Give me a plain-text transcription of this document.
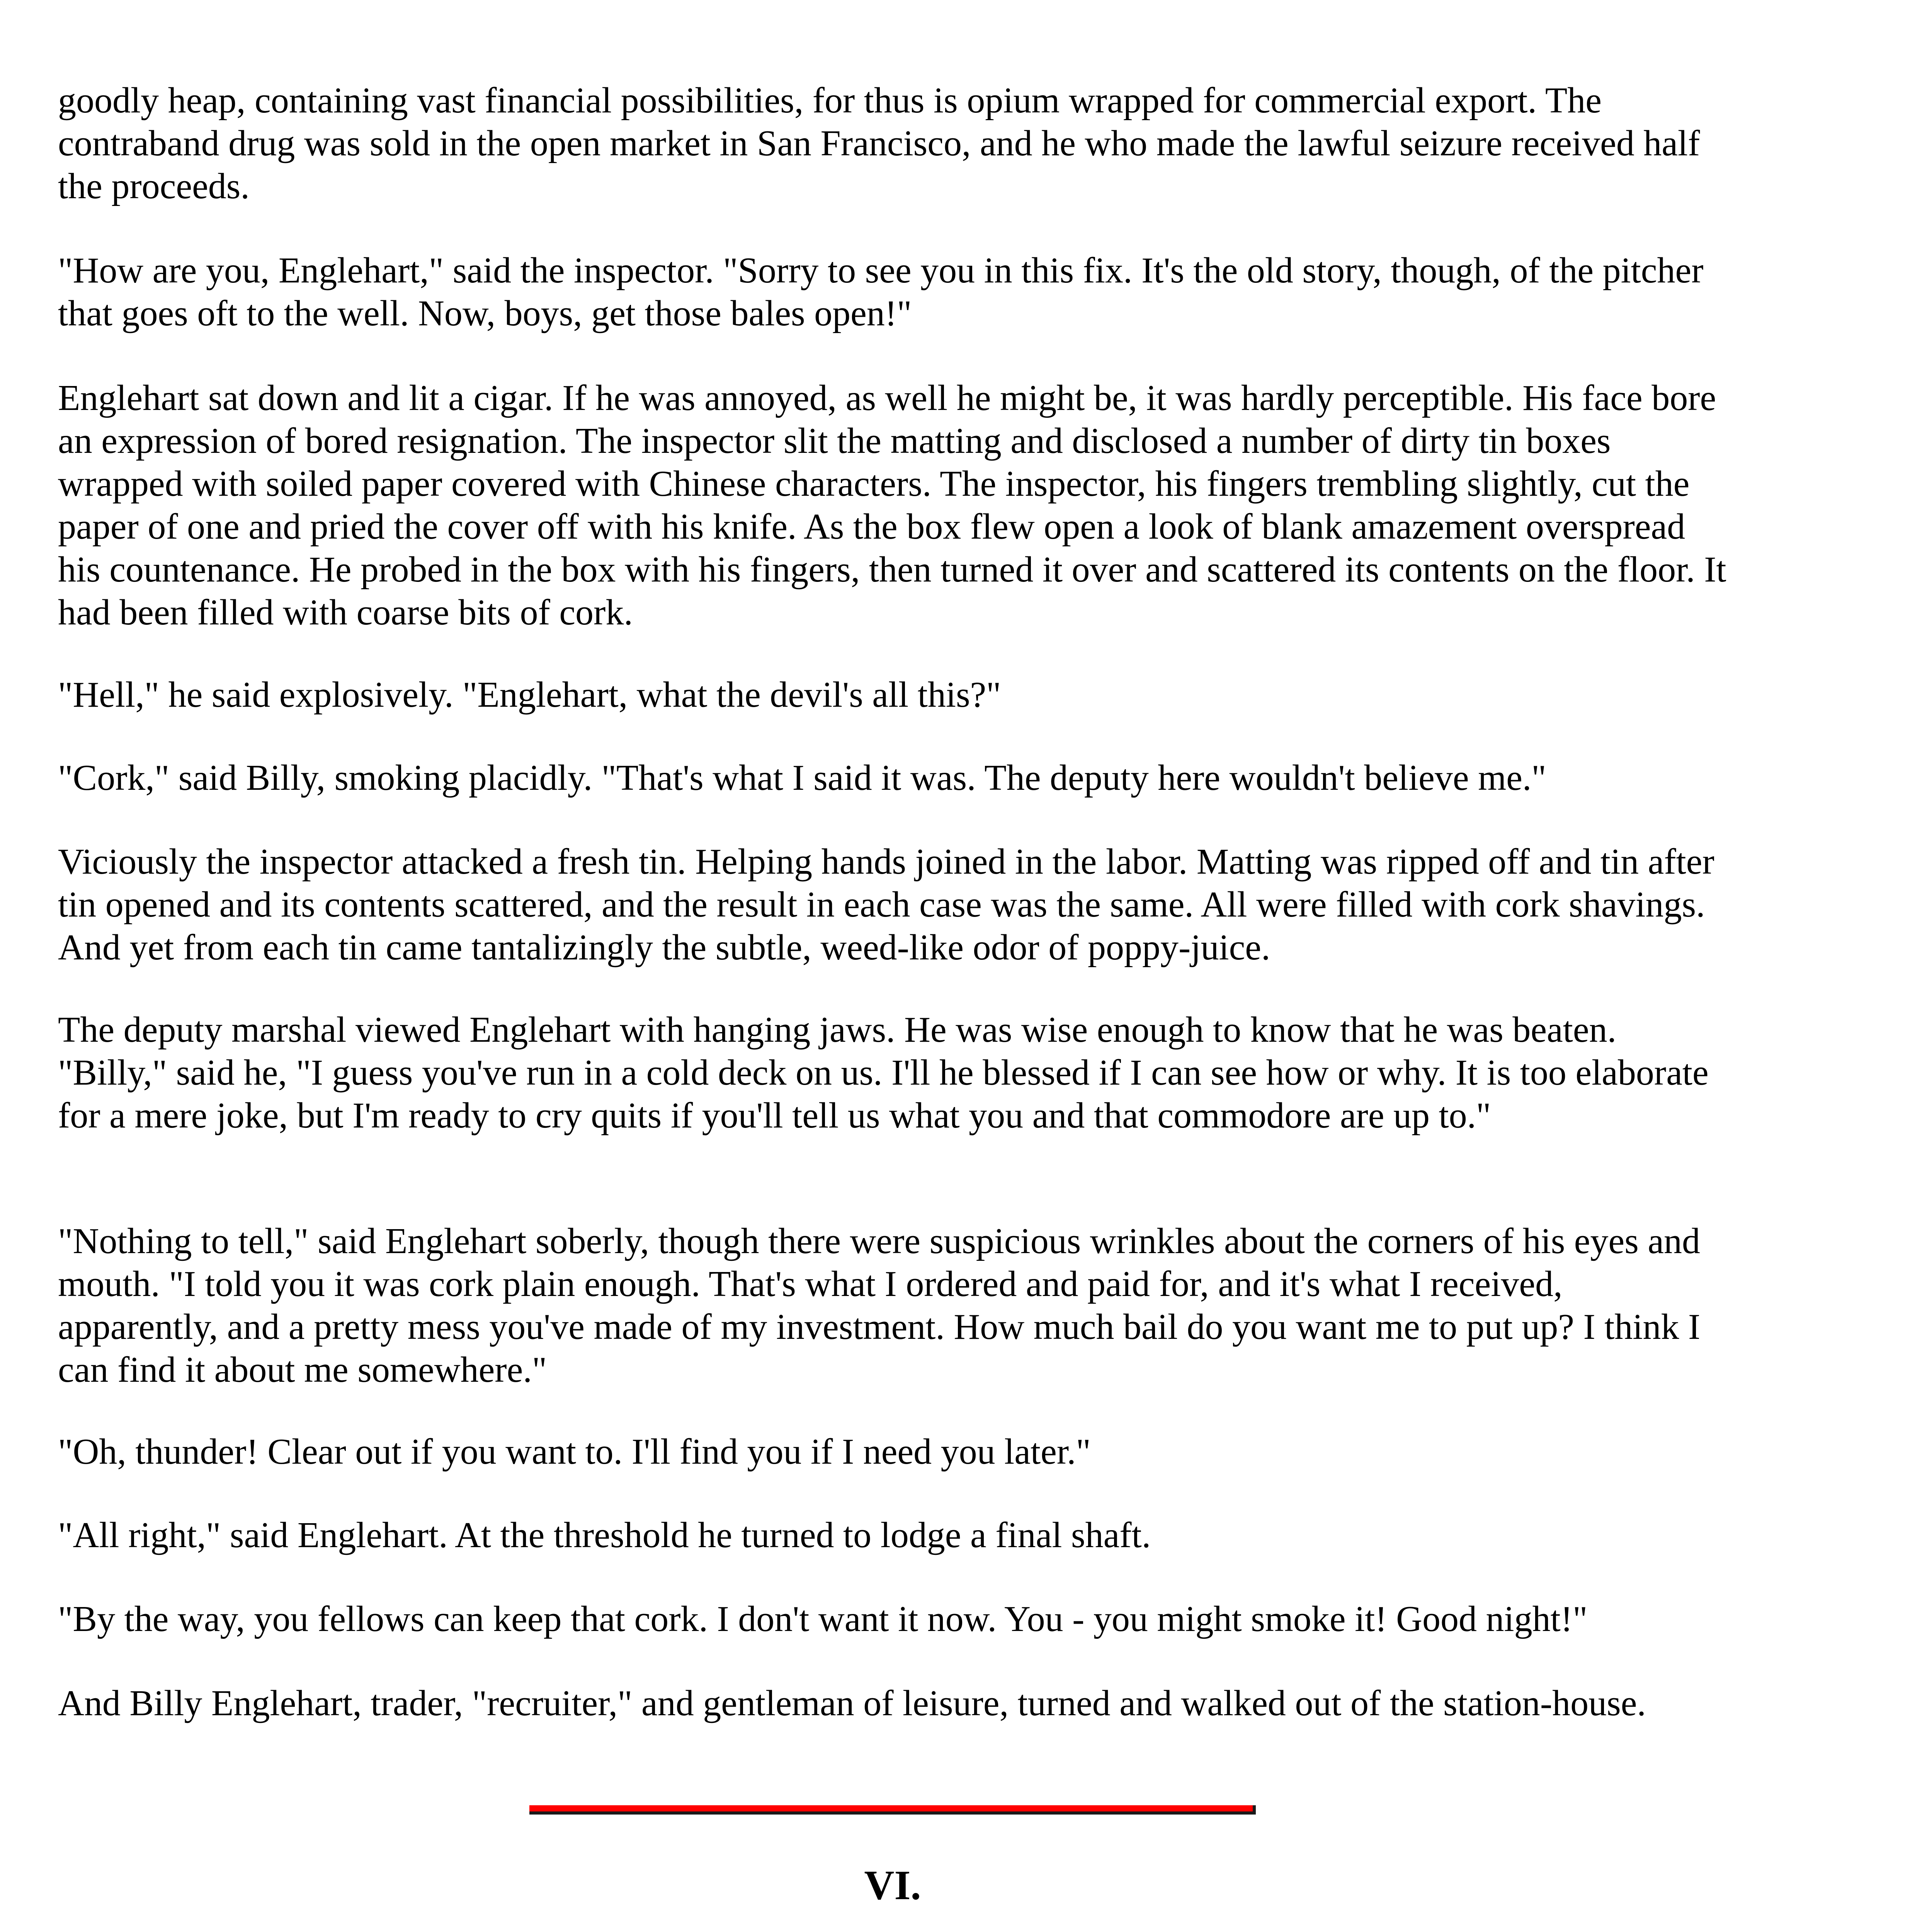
goodly heap, containing vast financial possibilities, for thus is opium wrapped for commercial export. The contraband drug was sold in the open market in San Francisco, and he who made the lawful seizure received half the proceeds.

"How are you, Englehart," said the inspector. "Sorry to see you in this fix. It's the old story, though, of the pitcher that goes oft to the well. Now, boys, get those bales open!"

Englehart sat down and lit a cigar. If he was annoyed, as well he might be, it was hardly perceptible. His face bore an expression of bored resignation. The inspector slit the matting and disclosed a number of dirty tin boxes wrapped with soiled paper covered with Chinese characters. The inspector, his fingers trembling slightly, cut the paper of one and pried the cover off with his knife. As the box flew open a look of blank amazement overspread his countenance. He probed in the box with his fingers, then turned it over and scattered its contents on the floor. It had been filled with coarse bits of cork.

"Hell," he said explosively. "Englehart, what the devil's all this?"

"Cork," said Billy, smoking placidly. "That's what I said it was. The deputy here wouldn't believe me."

Viciously the inspector attacked a fresh tin. Helping hands joined in the labor. Matting was ripped off and tin after tin opened and its contents scattered, and the result in each case was the same. All were filled with cork shavings. And yet from each tin came tantalizingly the subtle, weed-like odor of poppy-juice.

The deputy marshal viewed Englehart with hanging jaws. He was wise enough to know that he was beaten. "Billy," said he, "I guess you've run in a cold deck on us. I'll he blessed if I can see how or why. It is too elaborate for a mere joke, but I'm ready to cry quits if you'll tell us what you and that commodore are up to."

"Nothing to tell," said Englehart soberly, though there were suspicious wrinkles about the corners of his eyes and mouth. "I told you it was cork plain enough. That's what I ordered and paid for, and it's what I received, apparently, and a pretty mess you've made of my investment. How much bail do you want me to put up? I think I can find it about me somewhere."

"Oh, thunder! Clear out if you want to. I'll find you if I need you later."

"All right," said Englehart. At the threshold he turned to lodge a final shaft.

"By the way, you fellows can keep that cork. I don't want it now. You - you might smoke it! Good night!"

And Billy Englehart, trader, "recruiter," and gentleman of leisure, turned and walked out of the station-house.

VI.
